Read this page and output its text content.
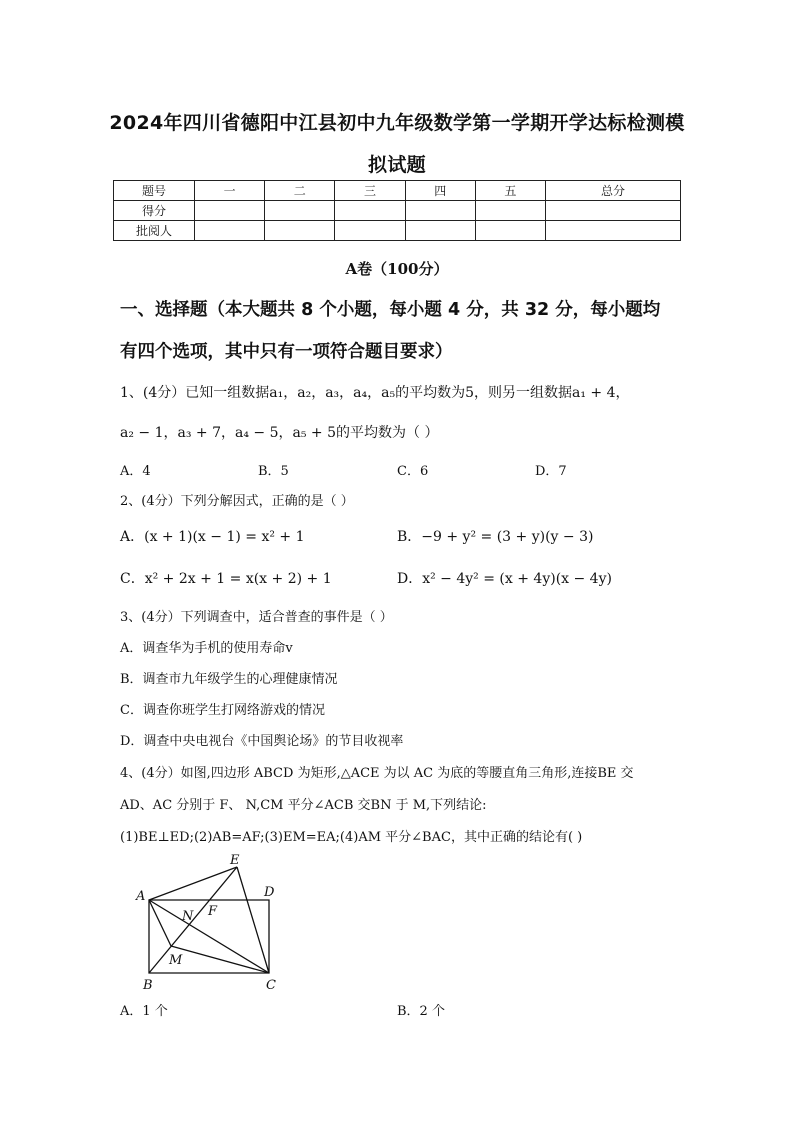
2024年四川省德阳中江县初中九年级数学第一学期开学达标检测模
拟试题
题号	一	二	三	四	五	总分
得分						
批阅人						
A卷（100分）
一、选择题（本大题共 8 个小题，每小题 4 分，共 32 分，每小题均
有四个选项，其中只有一项符合题目要求）
1、(4分）已知一组数据a₁，a₂，a₃，a₄，a₅的平均数为5，则另一组数据a₁ + 4，
a₂ − 1，a₃ + 7，a₄ − 5，a₅ + 5的平均数为（ ）
A．4	B．5	C．6	D．7
2、(4分）下列分解因式，正确的是（ ）
A．(x + 1)(x − 1) = x² + 1	B．−9 + y² = (3 + y)(y − 3)
C．x² + 2x + 1 = x(x + 2) + 1	D．x² − 4y² = (x + 4y)(x − 4y)
3、(4分）下列调查中，适合普查的事件是（ ）
A．调查华为手机的使用寿命v
B．调查市九年级学生的心理健康情况
C．调查你班学生打网络游戏的情况
D．调查中央电视台《中国舆论场》的节目收视率
4、(4分）如图,四边形 ABCD 为矩形,△ACE 为以 AC 为底的等腰直角三角形,连接BE 交
AD、AC 分别于 F、 N,CM 平分∠ACB 交BN 于 M,下列结论:
(1)BE⊥ED;(2)AB=AF;(3)EM=EA;(4)AM 平分∠BAC，其中正确的结论有( )
A
B	C
D
E
F
N
M
A．1 个	B．2 个
